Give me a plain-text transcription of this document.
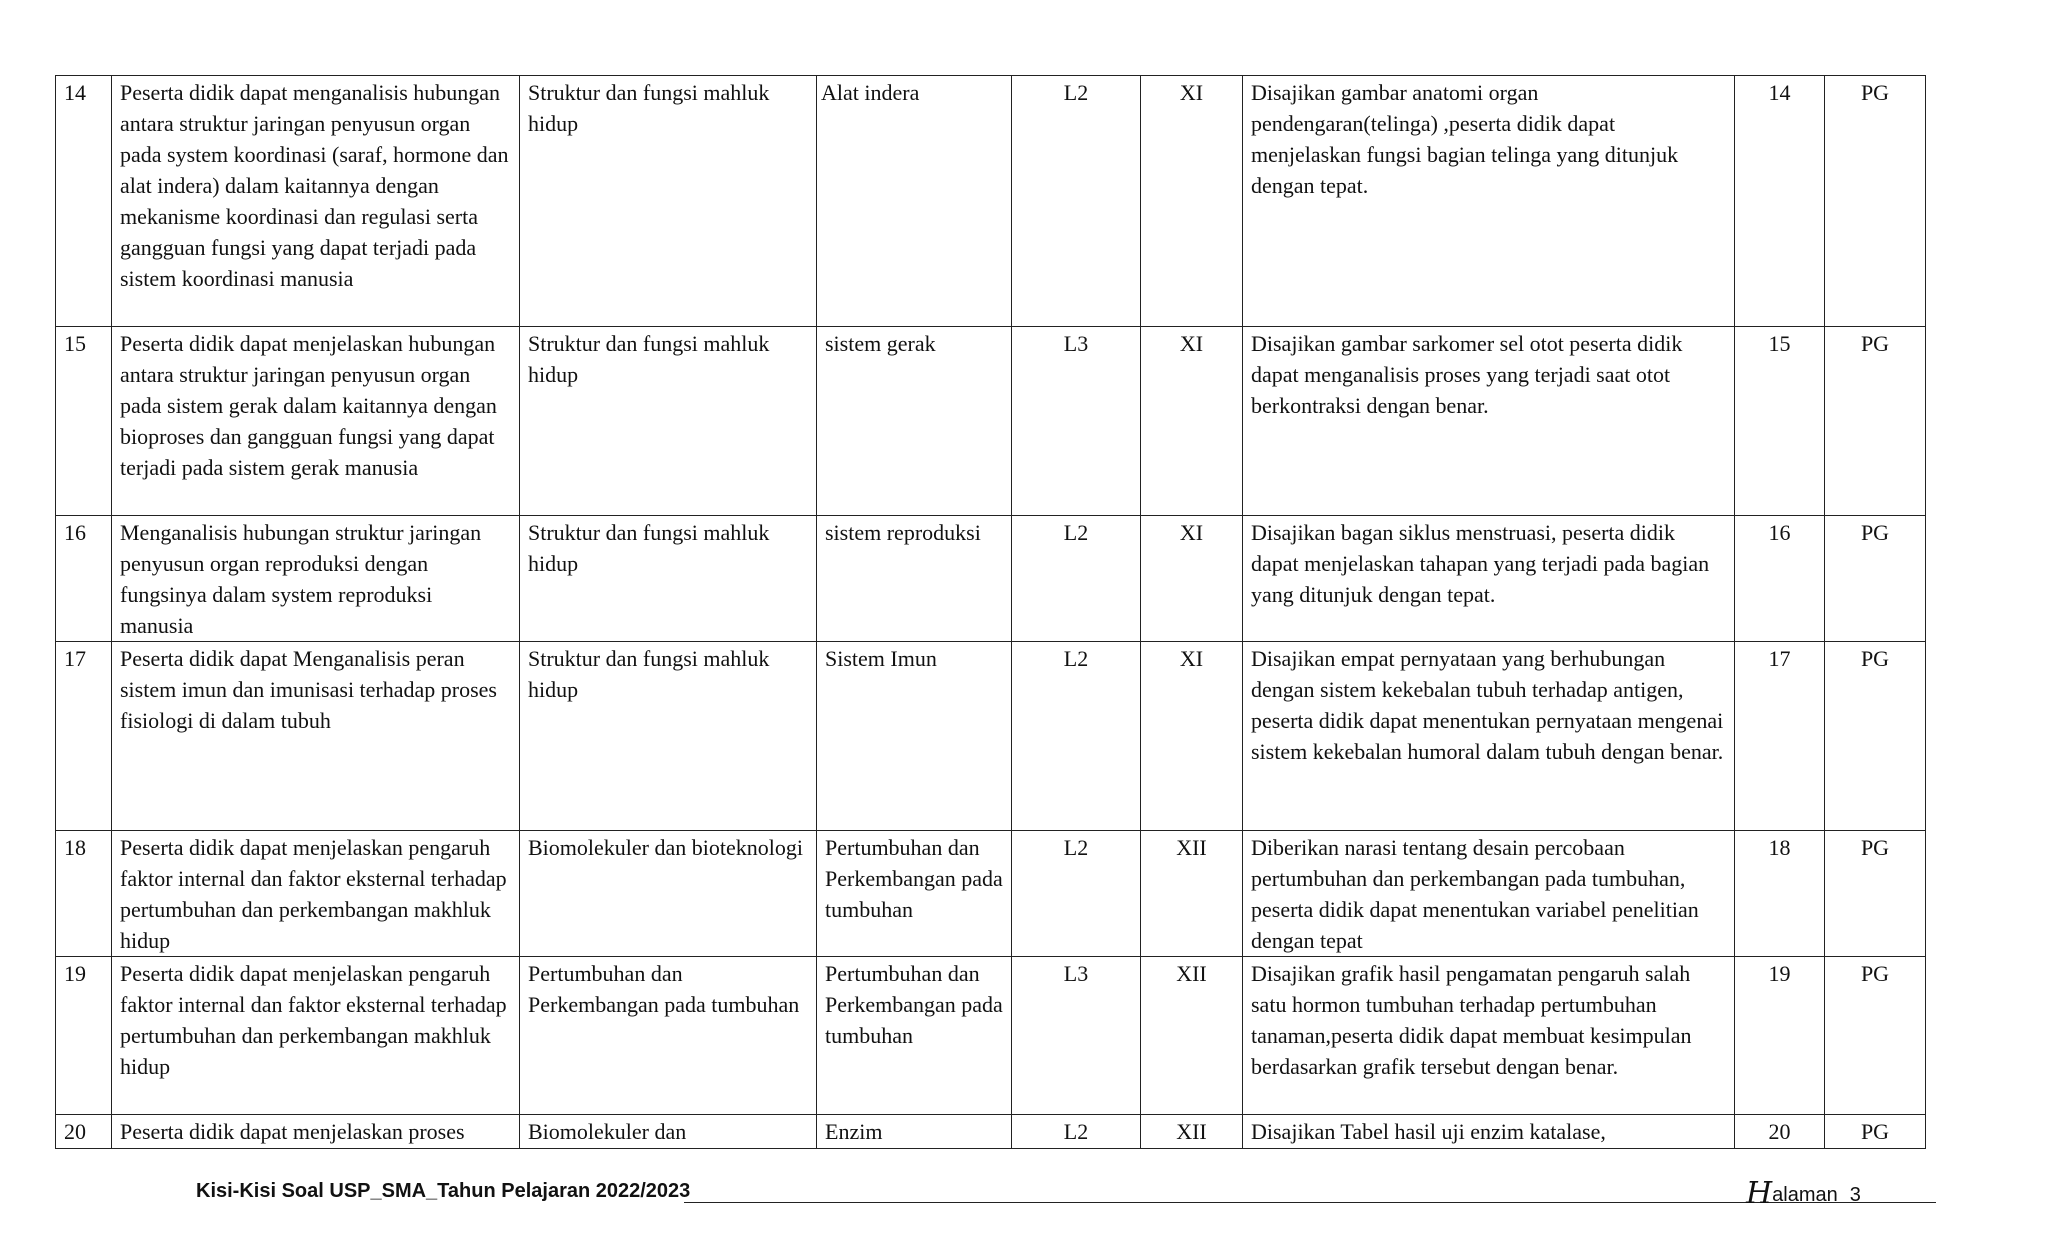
14	Peserta didik dapat menganalisis hubungan antara struktur jaringan penyusun organ pada system koordinasi (saraf, hormone dan alat indera) dalam kaitannya dengan mekanisme koordinasi dan regulasi serta gangguan fungsi yang dapat terjadi pada sistem koordinasi manusia	Struktur dan fungsi mahluk hidup	Alat indera	L2	XI	Disajikan gambar anatomi organ pendengaran(telinga) ,peserta didik dapat menjelaskan fungsi bagian telinga yang ditunjuk dengan tepat.	14	PG
15	Peserta didik dapat menjelaskan hubungan antara struktur jaringan penyusun organ pada sistem gerak dalam kaitannya dengan bioproses dan gangguan fungsi yang dapat terjadi pada sistem gerak manusia	Struktur dan fungsi mahluk hidup	sistem gerak	L3	XI	Disajikan gambar sarkomer sel otot peserta didik dapat menganalisis proses yang terjadi saat otot berkontraksi dengan benar.	15	PG
16	Menganalisis hubungan struktur jaringan penyusun organ reproduksi dengan fungsinya dalam system reproduksi manusia	Struktur dan fungsi mahluk hidup	sistem reproduksi	L2	XI	Disajikan bagan siklus menstruasi, peserta didik dapat menjelaskan tahapan yang terjadi pada bagian yang ditunjuk dengan tepat.	16	PG
17	Peserta didik dapat Menganalisis peran sistem imun dan imunisasi terhadap proses fisiologi di dalam tubuh	Struktur dan fungsi mahluk hidup	Sistem Imun	L2	XI	Disajikan empat pernyataan yang berhubungan dengan sistem kekebalan tubuh terhadap antigen, peserta didik dapat menentukan pernyataan mengenai sistem kekebalan humoral dalam tubuh dengan benar.	17	PG
18	Peserta didik dapat menjelaskan pengaruh faktor internal dan faktor eksternal terhadap pertumbuhan dan perkembangan makhluk hidup	Biomolekuler dan bioteknologi	Pertumbuhan dan Perkembangan pada tumbuhan	L2	XII	Diberikan narasi tentang desain percobaan pertumbuhan dan perkembangan pada tumbuhan, peserta didik dapat menentukan variabel penelitian dengan tepat	18	PG
19	Peserta didik dapat menjelaskan pengaruh faktor internal dan faktor eksternal terhadap pertumbuhan dan perkembangan makhluk hidup	Pertumbuhan dan Perkembangan pada tumbuhan	Pertumbuhan dan Perkembangan pada tumbuhan	L3	XII	Disajikan grafik hasil pengamatan pengaruh salah satu hormon tumbuhan terhadap pertumbuhan tanaman,peserta didik dapat membuat kesimpulan berdasarkan grafik tersebut dengan benar.	19	PG
20	Peserta didik dapat menjelaskan proses	Biomolekuler dan	Enzim	L2	XII	Disajikan Tabel hasil uji enzim katalase,	20	PG
Kisi-Kisi Soal USP_SMA_Tahun Pelajaran 2022/2023	Halaman 3
